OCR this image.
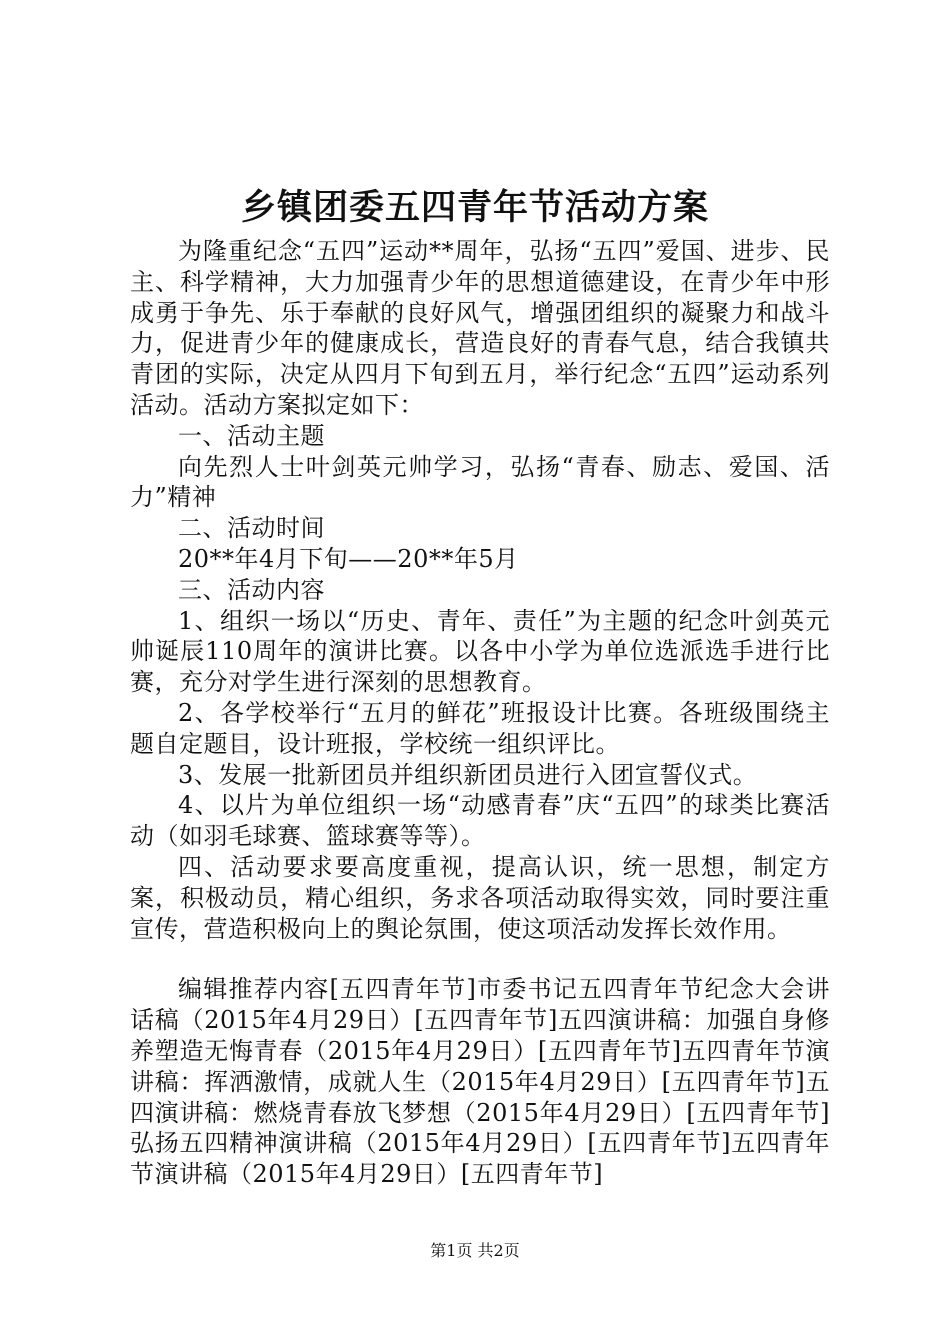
乡镇团委五四青年节活动方案

为隆重纪念“五四”运动**周年，弘扬“五四”爱国、进步、民主、科学精神，大力加强青少年的思想道德建设，在青少年中形成勇于争先、乐于奉献的良好风气，增强团组织的凝聚力和战斗力，促进青少年的健康成长，营造良好的青春气息，结合我镇共青团的实际，决定从四月下旬到五月，举行纪念“五四”运动系列活动。活动方案拟定如下：

一、活动主题

向先烈人士叶剑英元帅学习，弘扬“青春、励志、爱国、活力”精神

二、活动时间

20**年4月下旬——20**年5月

三、活动内容

1、组织一场以“历史、青年、责任”为主题的纪念叶剑英元帅诞辰110周年的演讲比赛。以各中小学为单位选派选手进行比赛，充分对学生进行深刻的思想教育。

2、各学校举行“五月的鲜花”班报设计比赛。各班级围绕主题自定题目，设计班报，学校统一组织评比。

3、发展一批新团员并组织新团员进行入团宣誓仪式。

4、以片为单位组织一场“动感青春”庆“五四”的球类比赛活动（如羽毛球赛、篮球赛等等）。

四、活动要求要高度重视，提高认识，统一思想，制定方案，积极动员，精心组织，务求各项活动取得实效，同时要注重宣传，营造积极向上的舆论氛围，使这项活动发挥长效作用。

编辑推荐内容[五四青年节]市委书记五四青年节纪念大会讲话稿（2015年4月29日）[五四青年节]五四演讲稿：加强自身修养塑造无悔青春（2015年4月29日）[五四青年节]五四青年节演讲稿：挥洒激情，成就人生（2015年4月29日）[五四青年节]五四演讲稿：燃烧青春放飞梦想（2015年4月29日）[五四青年节]弘扬五四精神演讲稿（2015年4月29日）[五四青年节]五四青年节演讲稿（2015年4月29日）[五四青年节]

第1页 共2页
